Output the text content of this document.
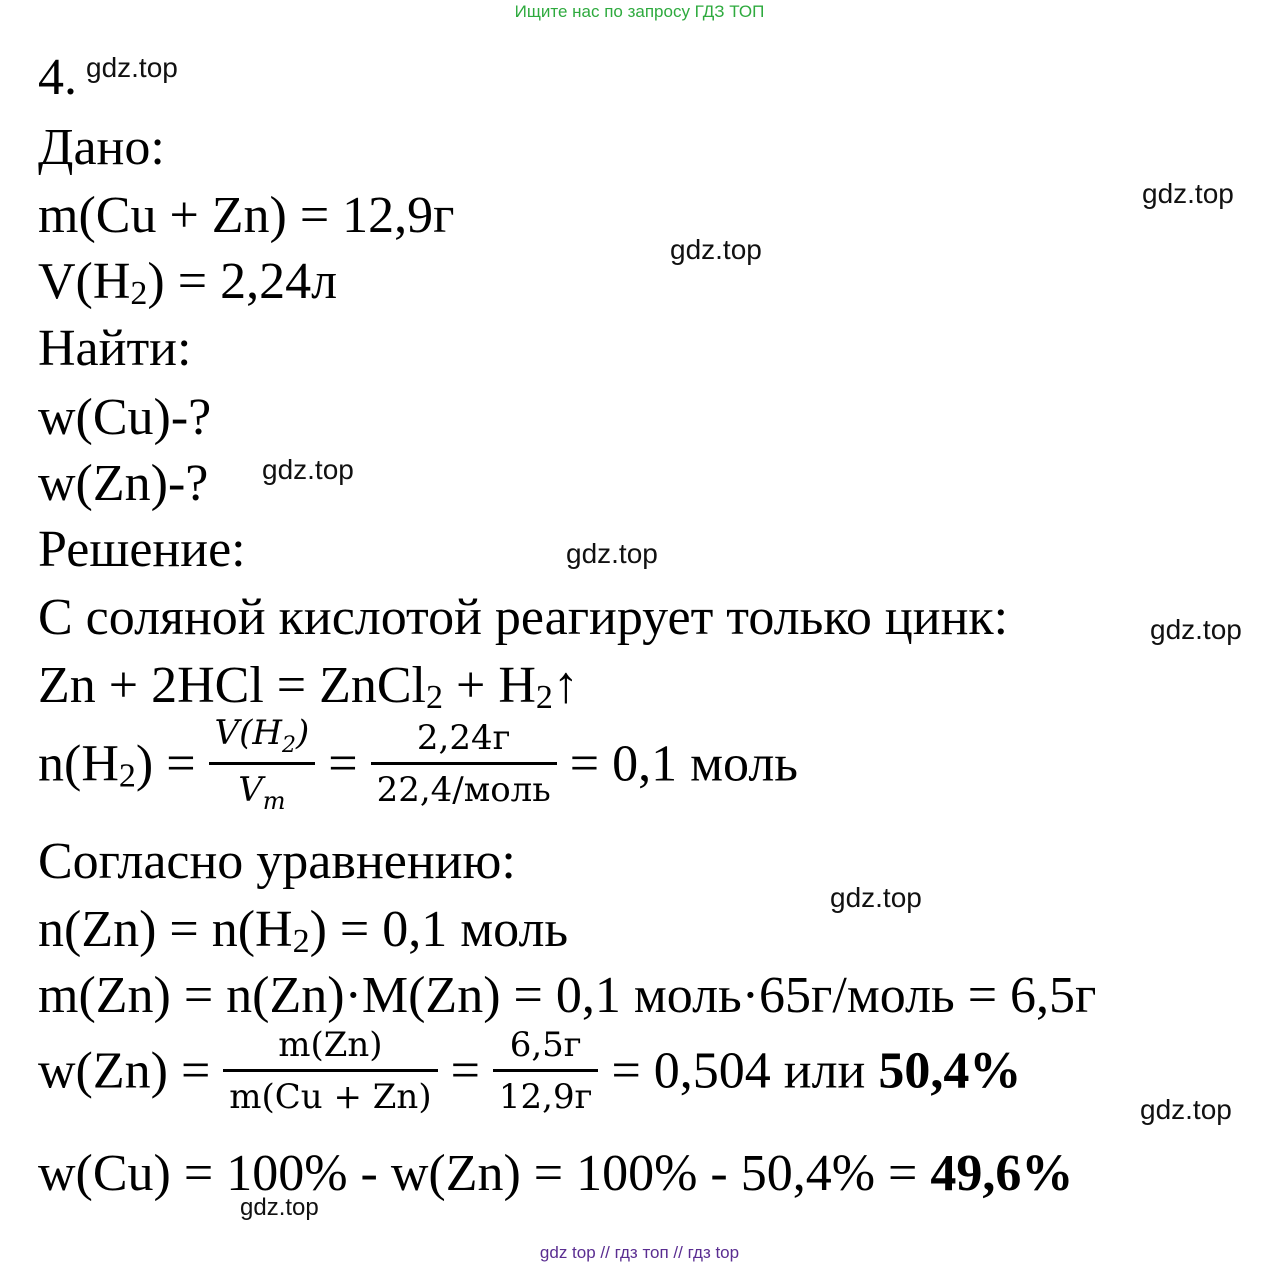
Ищите нас по запросу ГДЗ ТОП
4.
Дано:
m(Cu + Zn) = 12,9г
$V(H_2) = 2,24л$
Найти:
w(Cu)-?
w(Zn)-?
Решение:
С соляной кислотой реагирует только цинк:
Zn + 2HCl = ZnCl$_2$ + $H_2↑$
$n(H_2) = \frac{V(H_2)}{V_m} = \frac{2,24г}{\text{22,4/моль}} = 0,1$ моль
Согласно уравнению:
$n(Zn) = n(H_2) = 0,1$ моль
m(Zn) = n(Zn)·M(Zn) = 0,1 моль·65г/моль = 6,5г
$w(Zn) = \frac{m(Zn)}{m(Cu + Zn)} = \frac{6,5г}{12,9г} = 0,504$ или 50,4%
w(Cu) = 100% - w(Zn) = 100% - 50,4% = 49,6%
gdz.top
gdz.top
gdz.top
gdz.top
gdz.top
gdz.top
gdz.top
gdz.top
gdz.top
gdz top // гдз топ // гдз top
